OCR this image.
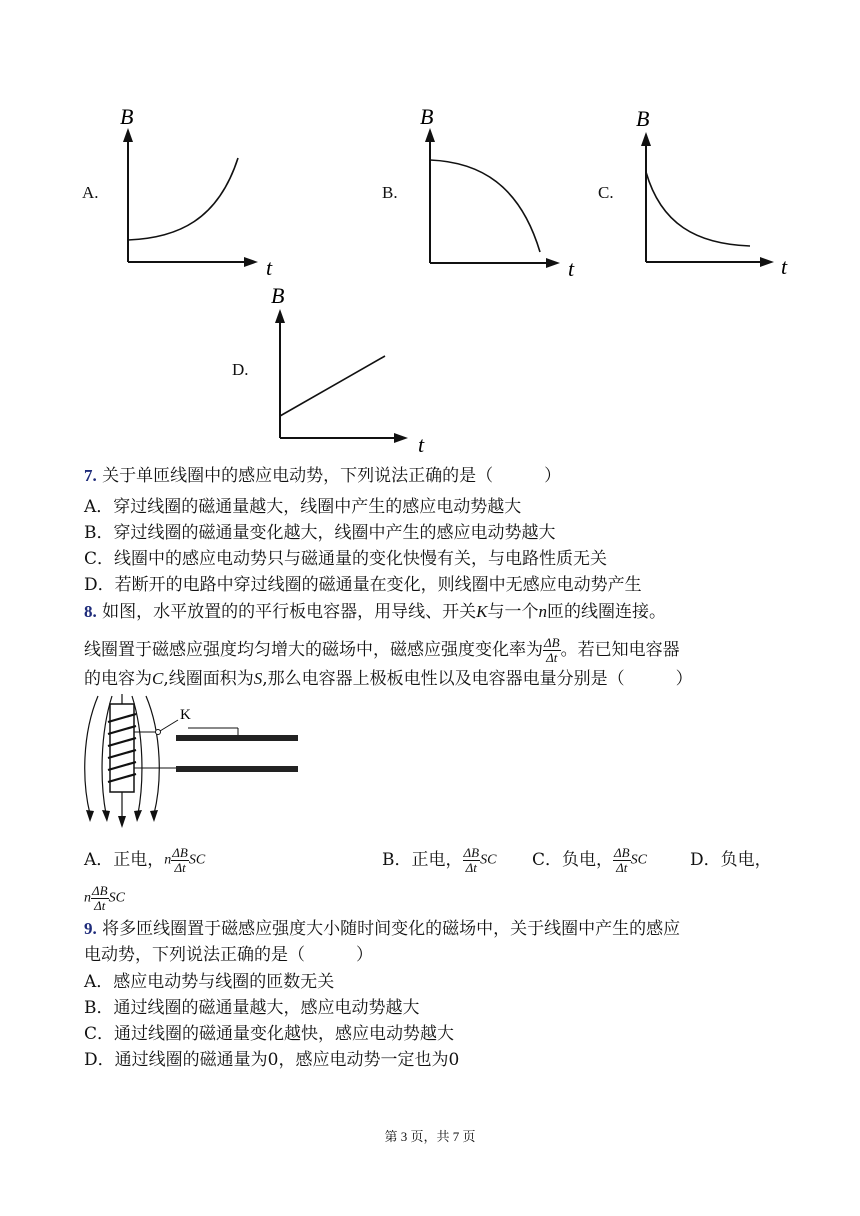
A.
B
t
B.
B
t
C.
B
t
D.
B
t
7. 关于单匝线圈中的感应电动势，下列说法正确的是（　　　）
A．穿过线圈的磁通量越大，线圈中产生的感应电动势越大
B．穿过线圈的磁通量变化越大，线圈中产生的感应电动势越大
C．线圈中的感应电动势只与磁通量的变化快慢有关，与电路性质无关
D．若断开的电路中穿过线圈的磁通量在变化，则线圈中无感应电动势产生
8. 如图，水平放置的的平行板电容器，用导线、开关K与一个n匝的线圈连接。
线圈置于磁感应强度均匀增大的磁场中，磁感应强度变化率为 $\frac{\Delta B}{\Delta t}$ 。若已知电容器
的电容为C,线圈面积为S,那么电容器上极板电性以及电容器电量分别是（　　　）
K
A．正电，n $\frac{\Delta B}{\Delta t}$ SC	B．正电， $\frac{\Delta B}{\Delta t}$ SC C．负电， $\frac{\Delta B}{\Delta t}$ SC	D．负电，
n $\frac{\Delta B}{\Delta t}$ SC
9. 将多匝线圈置于磁感应强度大小随时间变化的磁场中，关于线圈中产生的感应
电动势，下列说法正确的是（　　　）
A．感应电动势与线圈的匝数无关
B．通过线圈的磁通量越大，感应电动势越大
C．通过线圈的磁通量变化越快，感应电动势越大
D．通过线圈的磁通量为0，感应电动势一定也为0
第 3 页，共 7 页
